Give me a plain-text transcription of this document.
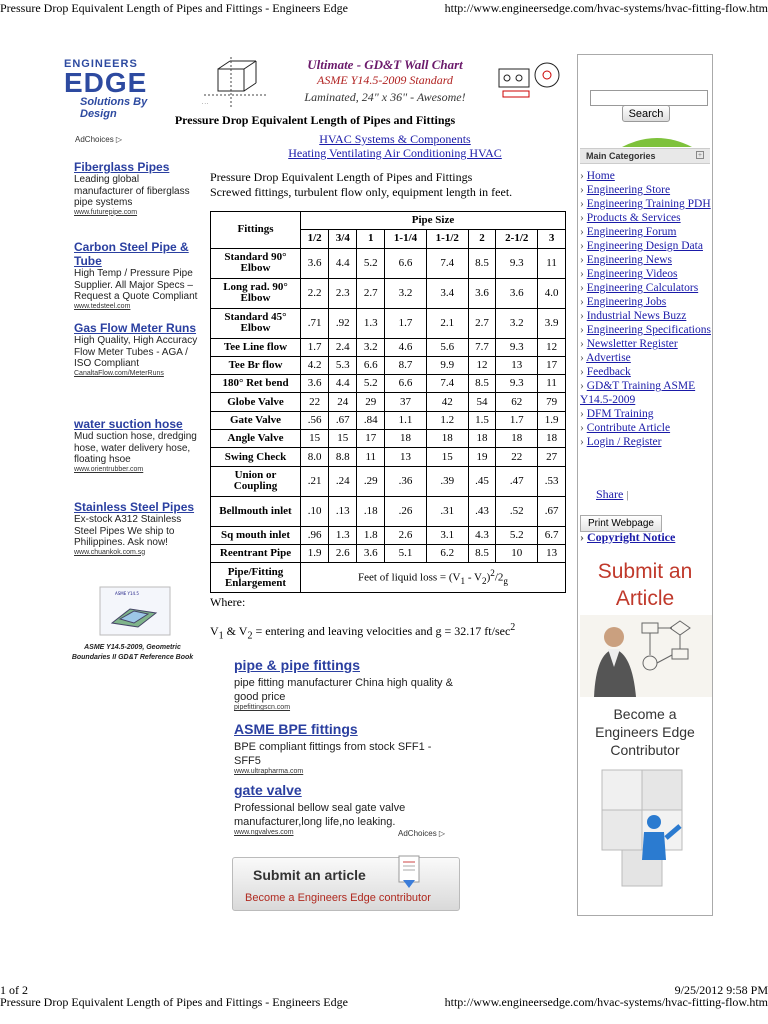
Pressure Drop Equivalent Length of Pipes and Fittings - Engineers Edge	http://www.engineersedge.com/hvac-systems/hvac-fitting-flow.htm
ENGINEERS
EDGE
Solutions By Design
· · ·
Ultimate - GD&T Wall Chart
ASME Y14.5-2009 Standard
Laminated, 24" x 36" - Awesome!
Pressure Drop Equivalent Length of Pipes and Fittings
AdChoices ▷	HVAC Systems & Components
Heating Ventilating Air Conditioning HVAC
Pressure Drop Equivalent Length of Pipes and Fittings
Screwed fittings, turbulent flow only, equipment length in feet.
Fittings	Pipe Size							
	1/2	3/4	1	1-1/4	1-1/2	2	2-1/2	3
Standard 90° Elbow	3.6	4.4	5.2	6.6	7.4	8.5	9.3	11
Long rad. 90° Elbow	2.2	2.3	2.7	3.2	3.4	3.6	3.6	4.0
Standard 45° Elbow	.71	.92	1.3	1.7	2.1	2.7	3.2	3.9
Tee Line flow	1.7	2.4	3.2	4.6	5.6	7.7	9.3	12
Tee Br flow	4.2	5.3	6.6	8.7	9.9	12	13	17
180° Ret bend	3.6	4.4	5.2	6.6	7.4	8.5	9.3	11
Globe Valve	22	24	29	37	42	54	62	79
Gate Valve	.56	.67	.84	1.1	1.2	1.5	1.7	1.9
Angle Valve	15	15	17	18	18	18	18	18
Swing Check	8.0	8.8	11	13	15	19	22	27
Union or Coupling	.21	.24	.29	.36	.39	.45	.47	.53
Bellmouth inlet	.10	.13	.18	.26	.31	.43	.52	.67
Sq mouth inlet	.96	1.3	1.8	2.6	3.1	4.3	5.2	6.7
Reentrant Pipe	1.9	2.6	3.6	5.1	6.2	8.5	10	13
Pipe/Fitting Enlargement	Feet of liquid loss = $(V_1 - V_2)^2/2_g$
Where:
$V_1$ & $V_2$ = entering and leaving velocities and g = 32.17 $ft/\sec^2$
Fiberglass Pipes
Leading global manufacturer of fiberglass pipe systems
www.futurepipe.com
Carbon Steel Pipe & Tube
High Temp / Pressure Pipe Supplier. All Major Specs – Request a Quote Compliant
www.tedsteel.com
Gas Flow Meter Runs
High Quality, High Accuracy Flow Meter Tubes - AGA / ISO Compliant
CanaltaFlow.com/MeterRuns
water suction hose
Mud suction hose, dredging hose, water delivery hose, floating hsoe
www.orientrubber.com
Stainless Steel Pipes
Ex-stock A312 Stainless Steel Pipes We ship to Philippines. Ask now!
www.chuankok.com.sg
ASME Y14.5
ASME Y14.5-2009, Geometric
Boundaries II GD&T Reference Book	pipe & pipe fittings
pipe fitting manufacturer China high quality & good price
pipefittingscn.com
ASME BPE fittings
BPE compliant fittings from stock SFF1 - SFF5
www.ultrapharma.com
gate valve
Professional bellow seal gate valve manufacturer,long life,no leaking.
www.ngvalves.com	AdChoices ▷
Submit an article
Become a Engineers Edge contributor
Search
Main Categories	+
› Home
› Engineering Store
› Engineering Training PDH
› Products & Services
› Engineering Forum
› Engineering Design Data
› Engineering News
› Engineering Videos
› Engineering Calculators
› Engineering Jobs
› Industrial News Buzz
› Engineering Specifications
› Newsletter Register
› Advertise
› Feedback
› GD&T Training ASME Y14.5-2009
› DFM Training
› Contribute Article
› Login / Register
Share |
Print Webpage
› Copyright Notice
Submit an
Article
Become a
Engineers Edge
Contributor
1 of 2	9/25/2012 9:58 PM
Pressure Drop Equivalent Length of Pipes and Fittings - Engineers Edge	http://www.engineersedge.com/hvac-systems/hvac-fitting-flow.htm
